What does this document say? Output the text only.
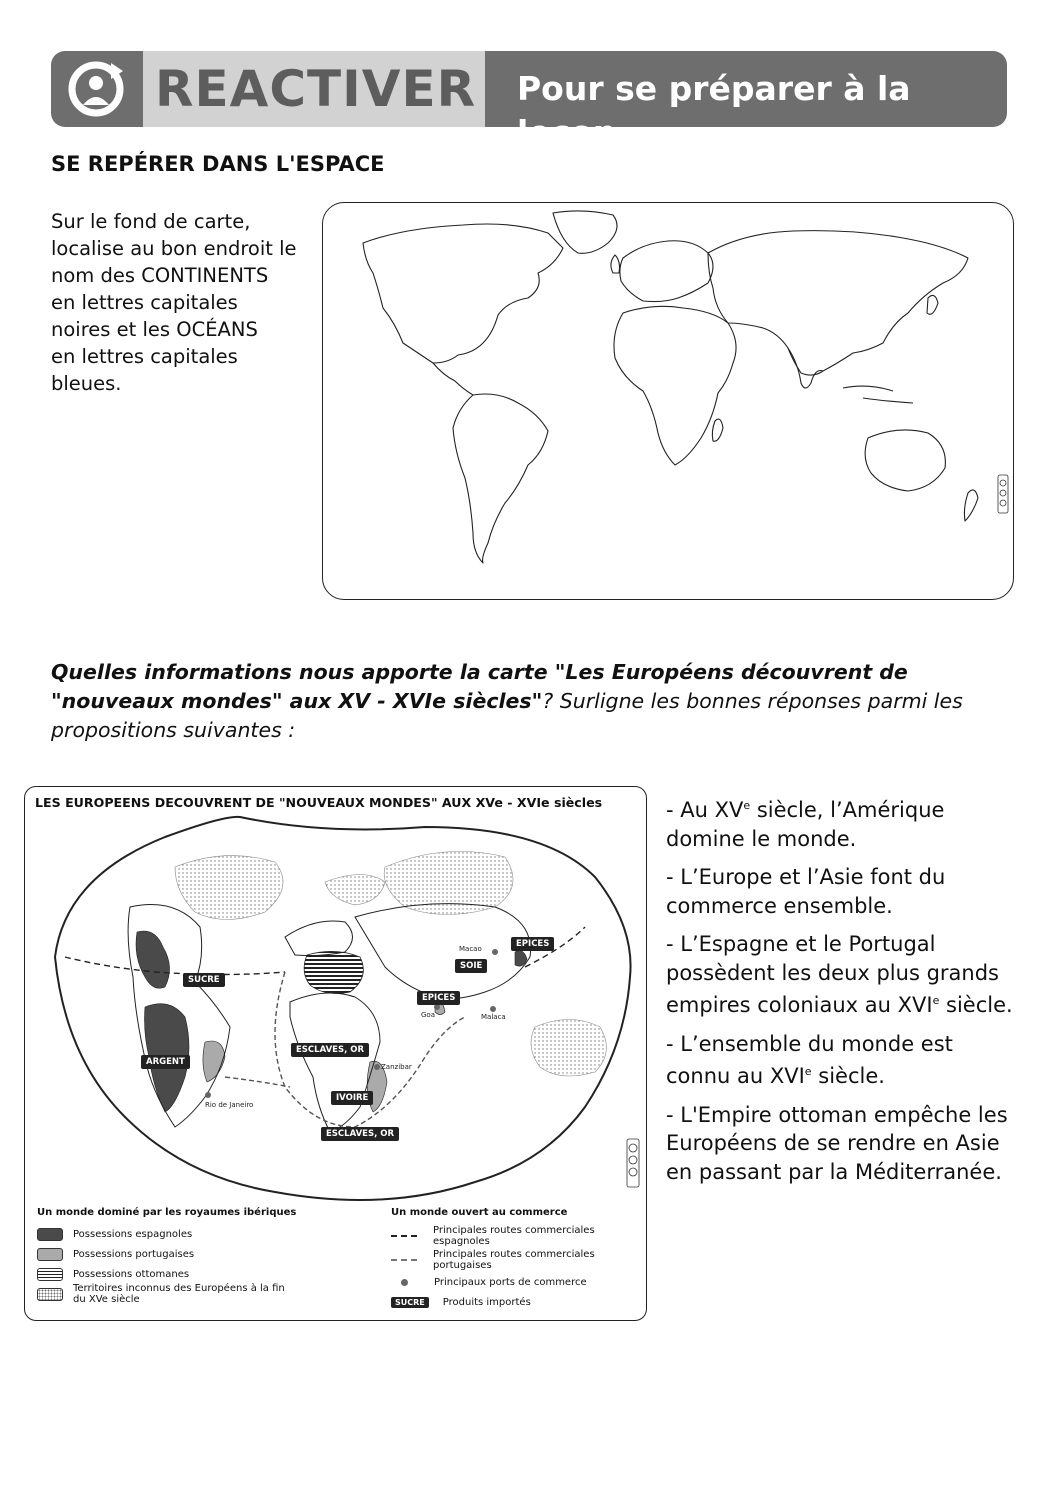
REACTIVER Pour se préparer à la leçon
SE REPÉRER DANS L'ESPACE

Sur le fond de carte,
localise au bon endroit le
nom des CONTINENTS
en lettres capitales
noires et les OCÉANS
en lettres capitales
bleues.

Quelles informations nous apporte la carte "Les Européens découvrent de "nouveaux mondes" aux XV - XVIe siècles"? Surligne les bonnes réponses parmi les propositions suivantes :

LES EUROPEENS DECOUVRENT DE "NOUVEAUX MONDES" AUX XVe - XVIe siècles
SUCRE
ARGENT
ESCLAVES, OR
IVOIRE
ESCLAVES, OR
EPICES
SOIE
EPICES
Rio de Janeiro
Zanzibar
Goa
Macao
Malaca
Un monde dominé par les royaumes ibériques
Possessions espagnoles
Possessions portugaises
Possessions ottomanes
Territoires inconnus des Européens à la fin du XVe siècle
Un monde ouvert au commerce
Principales routes commerciales espagnoles
Principales routes commerciales portugaises
Principaux ports de commerce
SUCRE	Produits importés
- Au XVe siècle, l’Amérique domine le monde.
- L’Europe et l’Asie font du commerce ensemble.
- L’Espagne et le Portugal possèdent les deux plus grands empires coloniaux au XVIe siècle.
- L’ensemble du monde est connu au XVIe siècle.
- L'Empire ottoman empêche les Européens de se rendre en Asie en passant par la Méditerranée.
